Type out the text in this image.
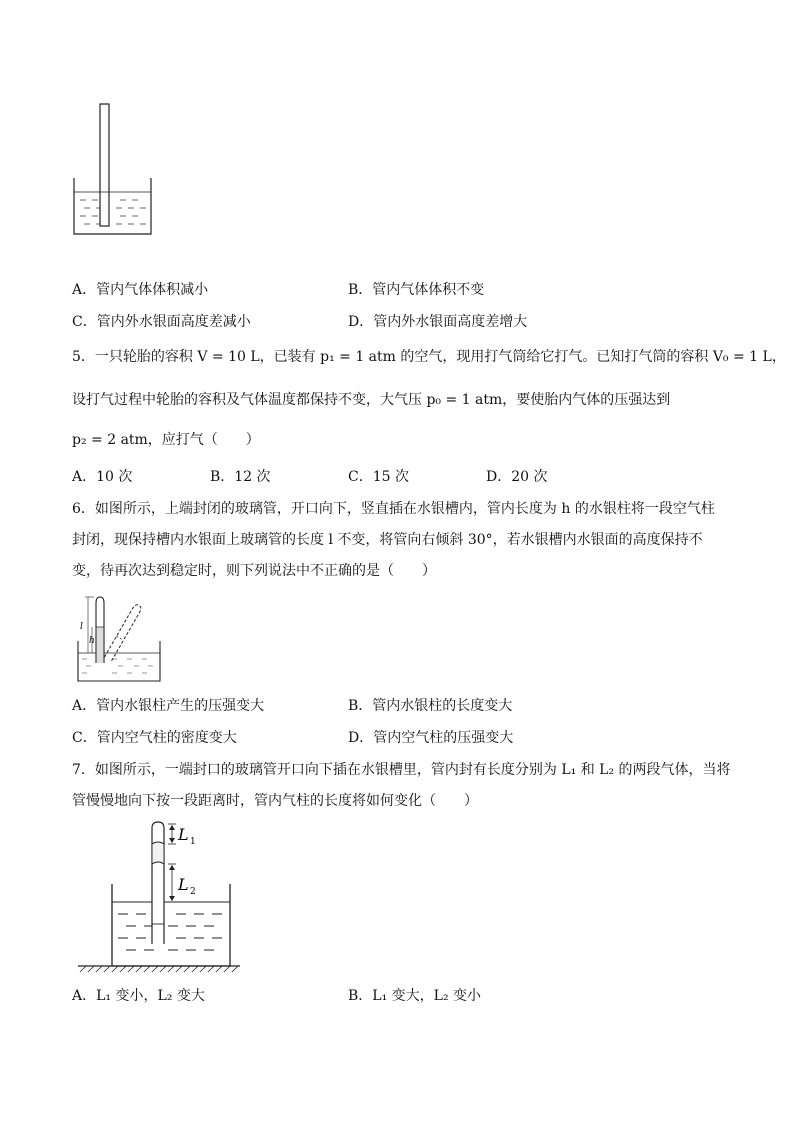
A．管内气体体积减小	B．管内气体体积不变
C．管内外水银面高度差减小	D．管内外水银面高度差增大
5．一只轮胎的容积 V = 10 L，已装有 p₁ = 1 atm 的空气，现用打气筒给它打气。已知打气筒的容积 V₀ = 1 L，
设打气过程中轮胎的容积及气体温度都保持不变，大气压 p₀ = 1 atm，要使胎内气体的压强达到
p₂ = 2 atm，应打气（　　）
A．10 次	B．12 次	C．15 次	D．20 次
6．如图所示，上端封闭的玻璃管，开口向下，竖直插在水银槽内，管内长度为 h 的水银柱将一段空气柱
封闭，现保持槽内水银面上玻璃管的长度 l 不变，将管向右倾斜 30°，若水银槽内水银面的高度保持不
变，待再次达到稳定时，则下列说法中不正确的是（　　）
l
h
A．管内水银柱产生的压强变大	B．管内水银柱的长度变大
C．管内空气柱的密度变大	D．管内空气柱的压强变大
7．如图所示，一端封口的玻璃管开口向下插在水银槽里，管内封有长度分别为 L₁ 和 L₂ 的两段气体，当将
管慢慢地向下按一段距离时，管内气柱的长度将如何变化（　　）
L 1
L 2
A．L₁ 变小，L₂ 变大	B．L₁ 变大，L₂ 变小
